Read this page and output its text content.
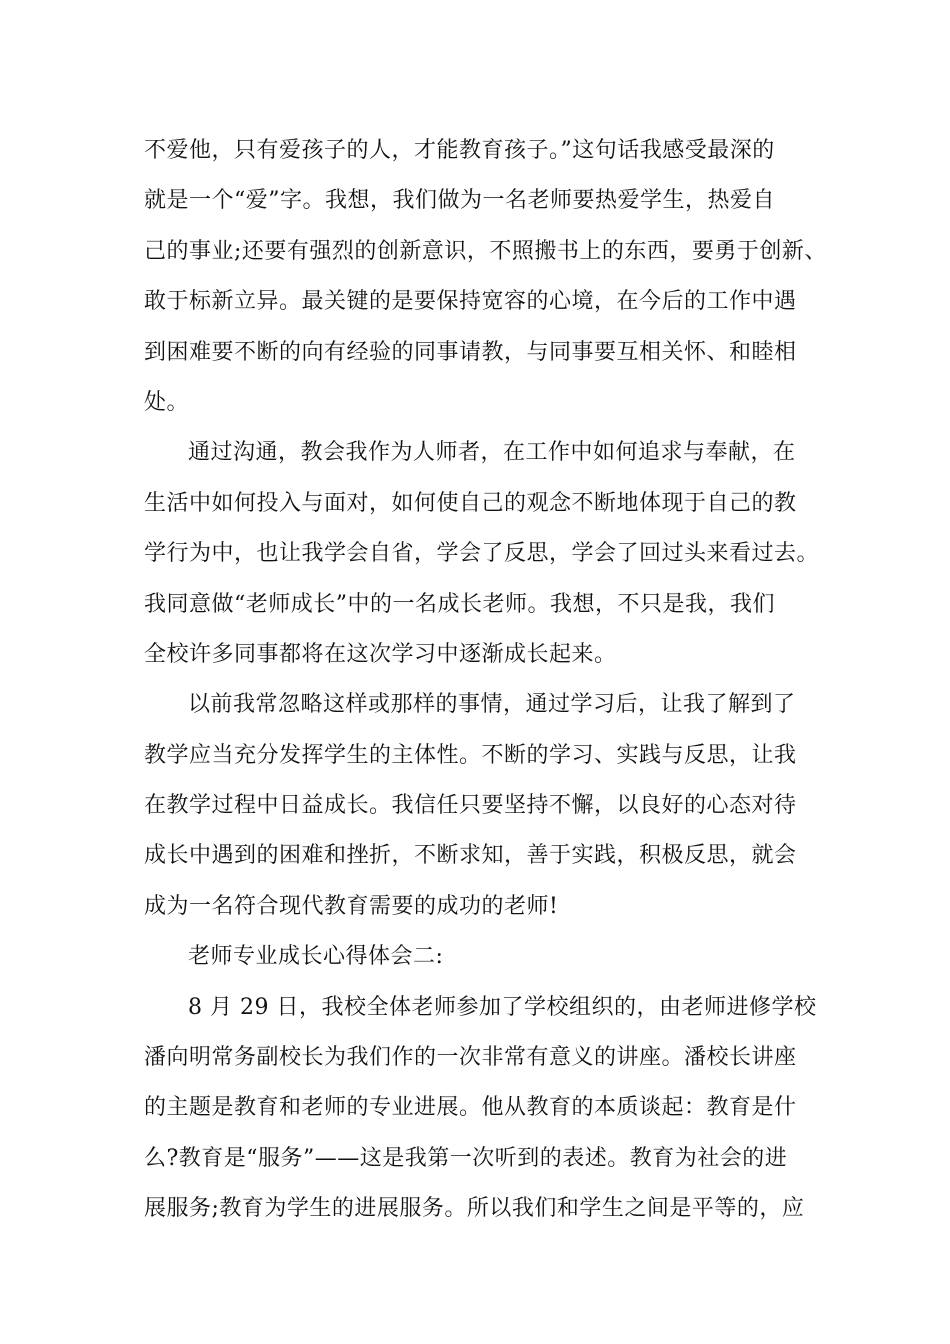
不爱他，只有爱孩子的人，才能教育孩子。”这句话我感受最深的
就是一个“爱”字。我想，我们做为一名老师要热爱学生，热爱自
己的事业;还要有强烈的创新意识，不照搬书上的东西，要勇于创新、
敢于标新立异。最关键的是要保持宽容的心境，在今后的工作中遇
到困难要不断的向有经验的同事请教，与同事要互相关怀、和睦相
处。
通过沟通，教会我作为人师者，在工作中如何追求与奉献，在
生活中如何投入与面对，如何使自己的观念不断地体现于自己的教
学行为中，也让我学会自省，学会了反思，学会了回过头来看过去。
我同意做“老师成长”中的一名成长老师。我想，不只是我，我们
全校许多同事都将在这次学习中逐渐成长起来。
以前我常忽略这样或那样的事情，通过学习后，让我了解到了
教学应当充分发挥学生的主体性。不断的学习、实践与反思，让我
在教学过程中日益成长。我信任只要坚持不懈，以良好的心态对待
成长中遇到的困难和挫折，不断求知，善于实践，积极反思，就会
成为一名符合现代教育需要的成功的老师!
老师专业成长心得体会二:
8 月 29 日，我校全体老师参加了学校组织的，由老师进修学校
潘向明常务副校长为我们作的一次非常有意义的讲座。潘校长讲座
的主题是教育和老师的专业进展。他从教育的本质谈起：教育是什
么?教育是“服务”——这是我第一次听到的表述。教育为社会的进
展服务;教育为学生的进展服务。所以我们和学生之间是平等的，应
